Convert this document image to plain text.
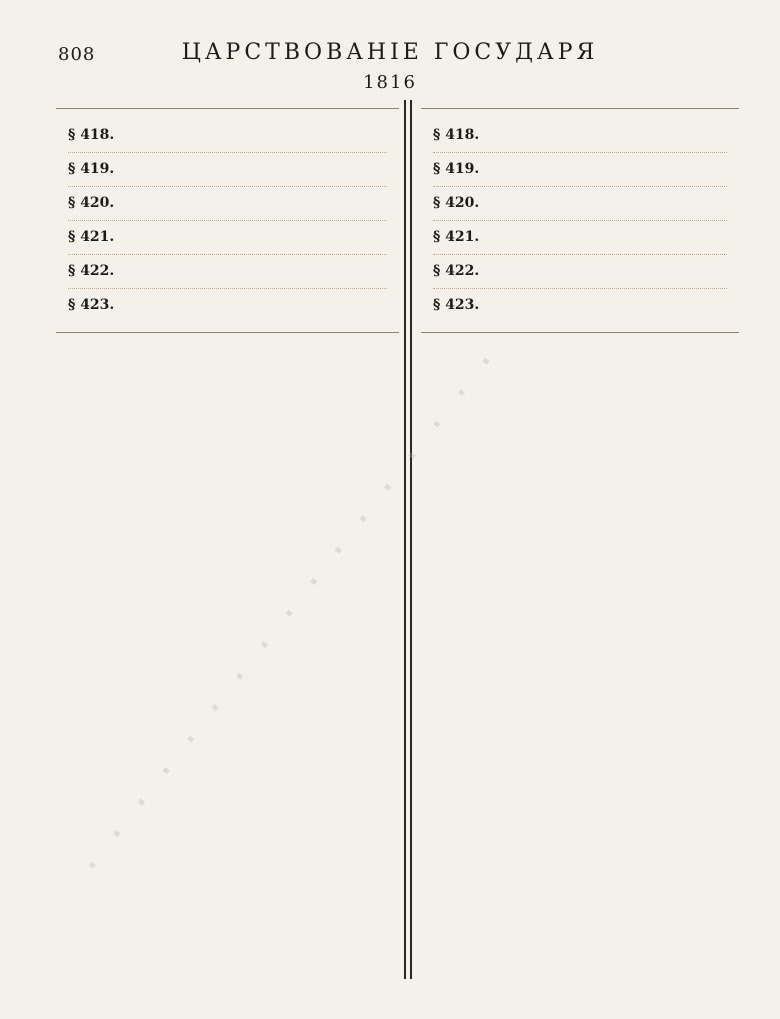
808	ЦАРСТВОВАНІЕ ГОСУДАРЯ
1816
§ 418.
§ 419.
§ 420.
§ 421.
§ 422.
§ 423.
§ 418.
§ 419.
§ 420.
§ 421.
§ 422.
§ 423.
· · · · · · · · · · · · · · · · ·
